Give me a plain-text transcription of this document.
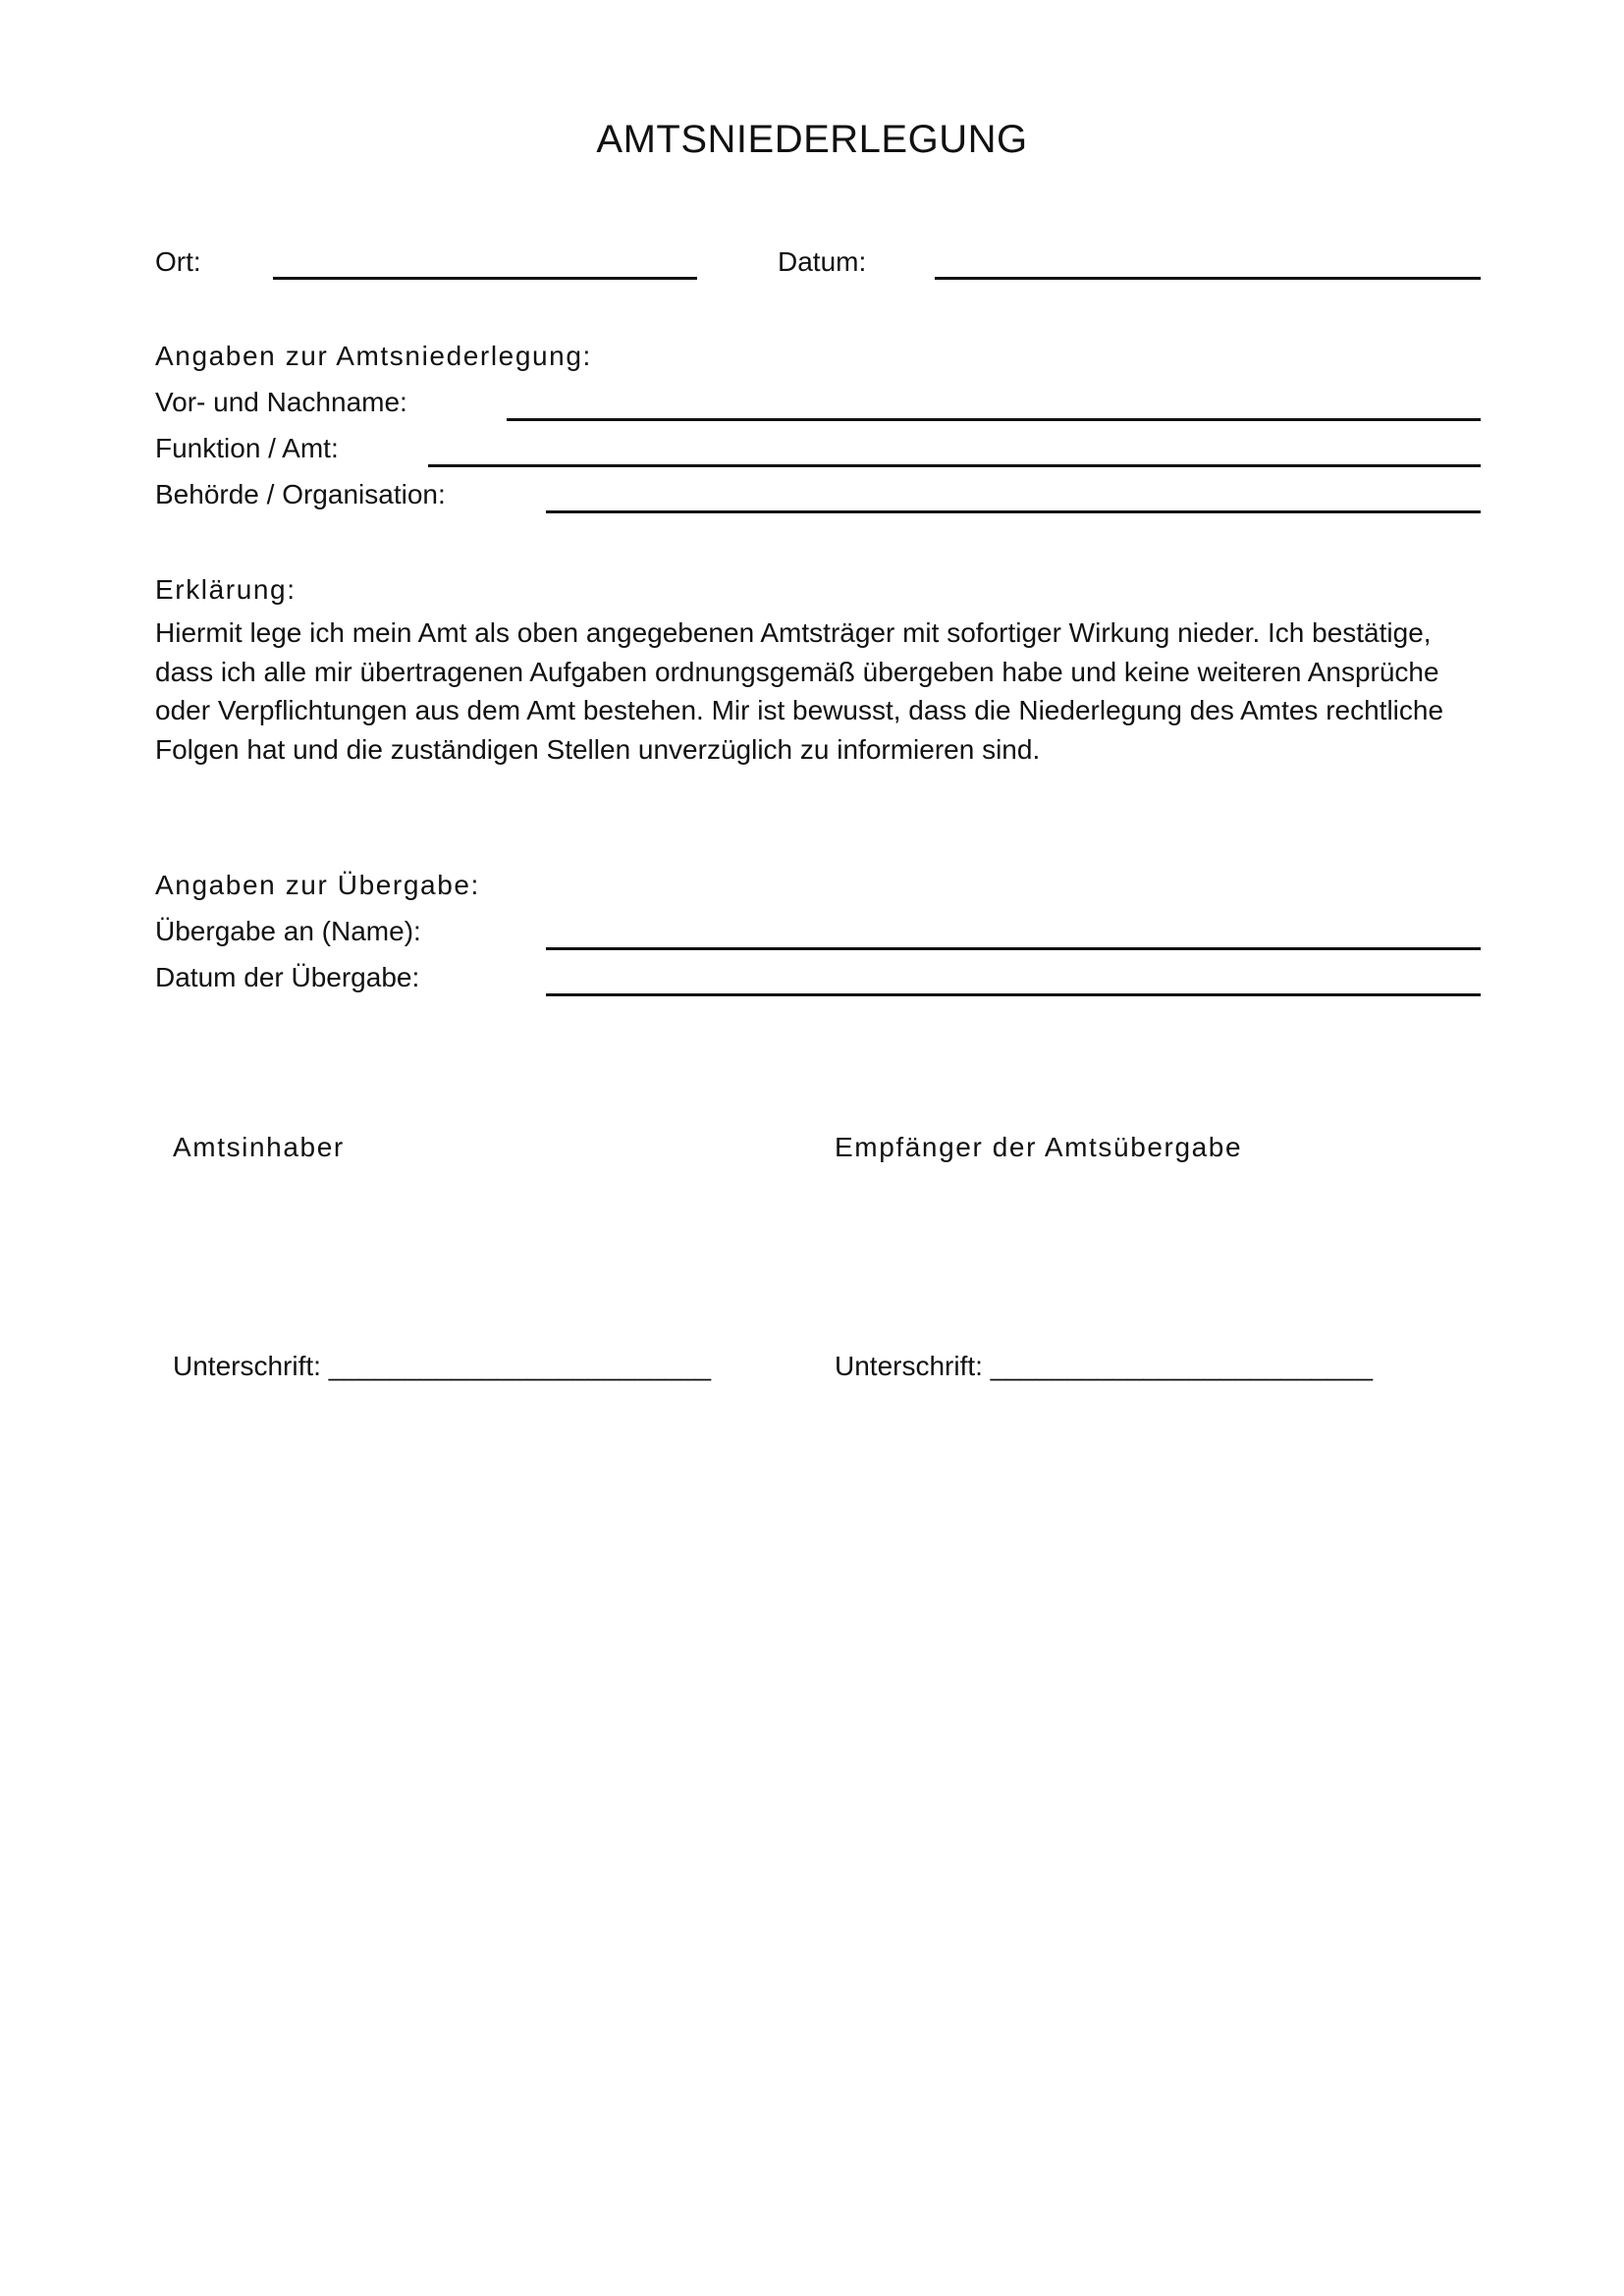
AMTSNIEDERLEGUNG
Ort:	Datum:
Angaben zur Amtsniederlegung:
Vor- und Nachname:
Funktion / Amt:
Behörde / Organisation:
Erklärung:
Hiermit lege ich mein Amt als oben angegebenen Amtsträger mit sofortiger Wirkung nieder. Ich bestätige, dass ich alle mir übertragenen Aufgaben ordnungsgemäß übergeben habe und keine weiteren Ansprüche oder Verpflichtungen aus dem Amt bestehen. Mir ist bewusst, dass die Niederlegung des Amtes rechtliche Folgen hat und die zuständigen Stellen unverzüglich zu informieren sind.
Angaben zur Übergabe:
Übergabe an (Name):
Datum der Übergabe:
Amtsinhaber	Empfänger der Amtsübergabe
Unterschrift: _________________________	Unterschrift: _________________________
